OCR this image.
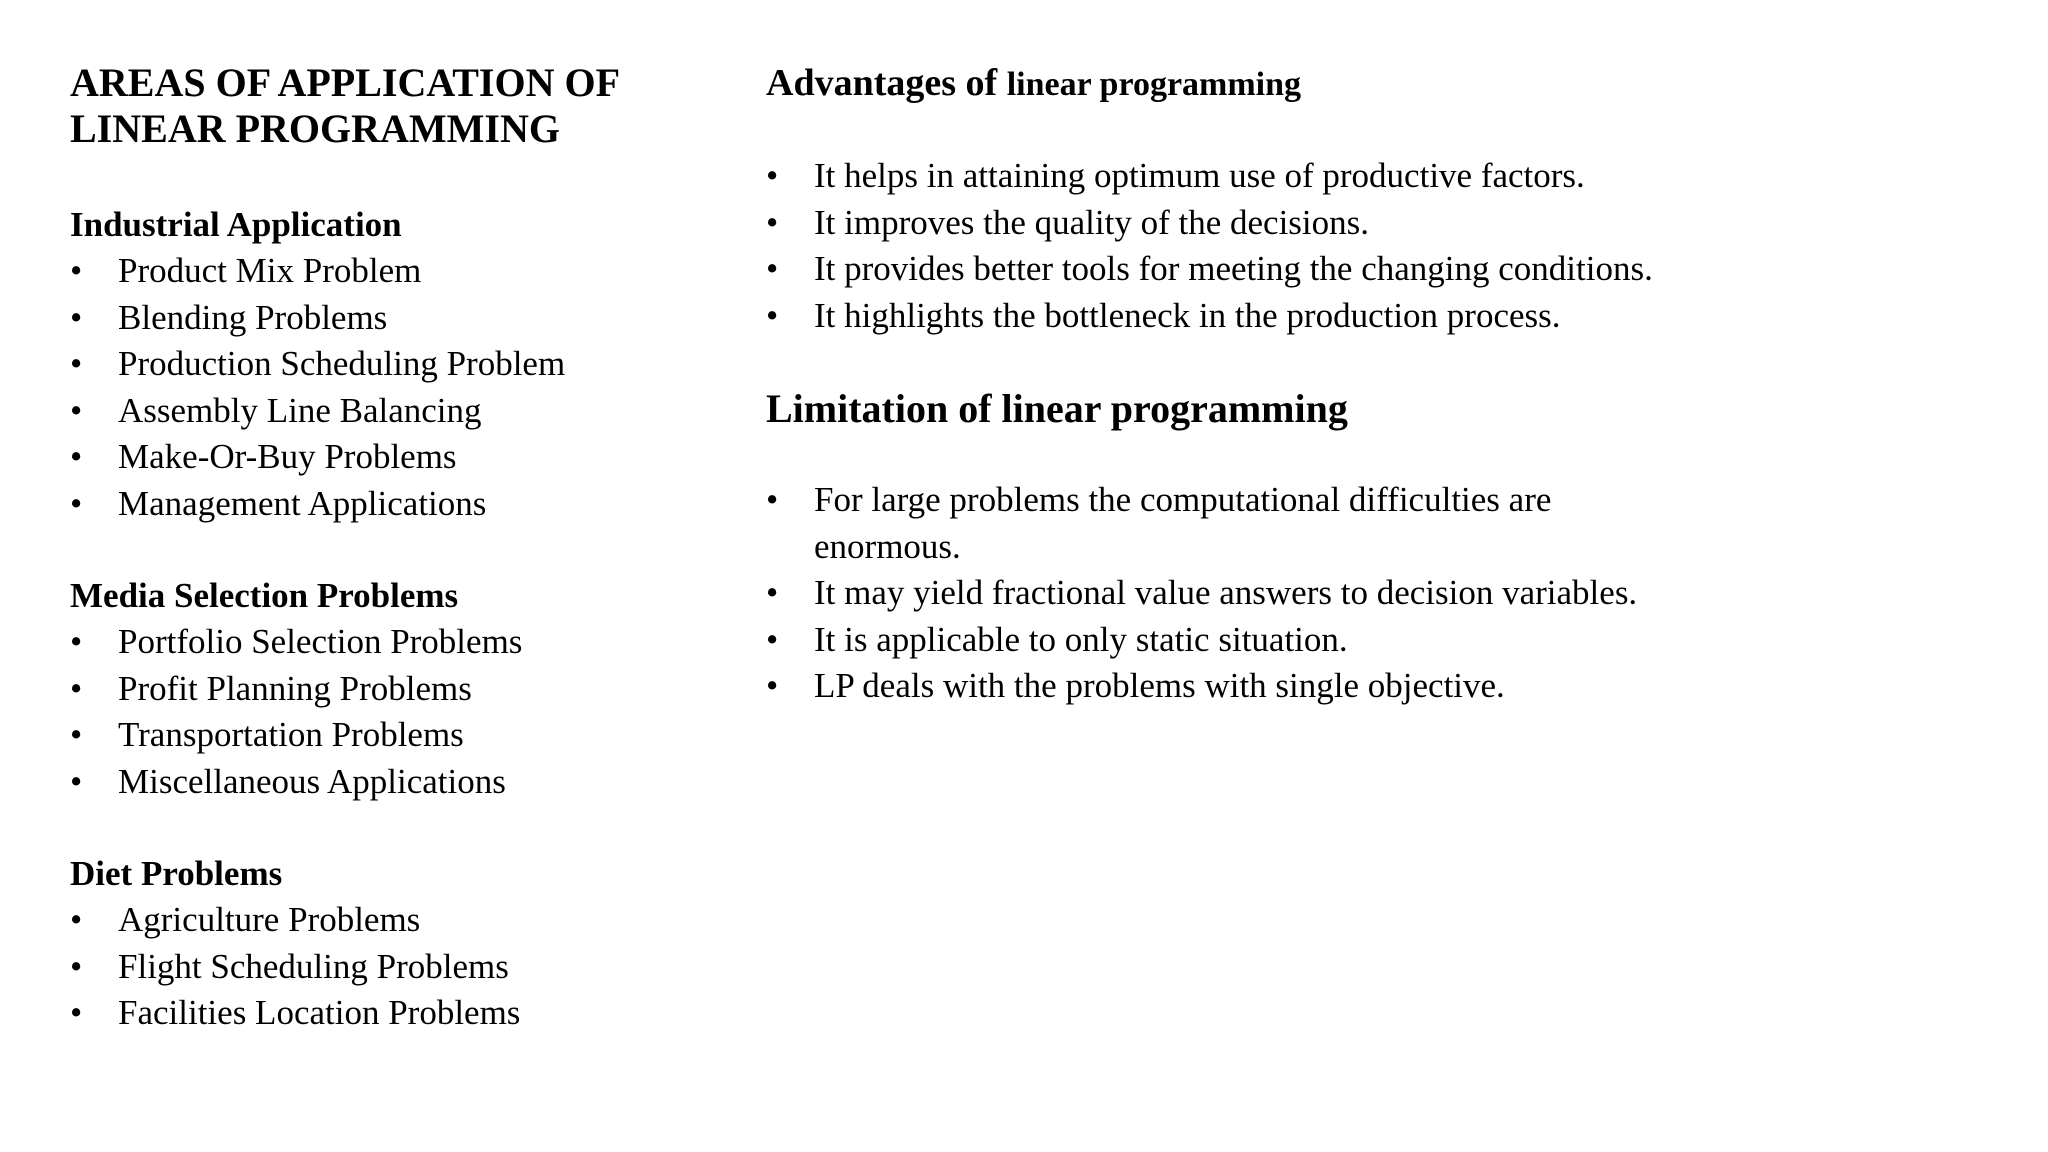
AREAS OF APPLICATION OF
LINEAR PROGRAMMING
Industrial Application
•	Product Mix Problem
•	Blending Problems
•	Production Scheduling Problem
•	Assembly Line Balancing
•	Make-Or-Buy Problems
•	Management Applications
Media Selection Problems
•	Portfolio Selection Problems
•	Profit Planning Problems
•	Transportation Problems
•	Miscellaneous Applications
Diet Problems
•	Agriculture Problems
•	Flight Scheduling Problems
•	Facilities Location Problems
Advantages of linear programming
•	It helps in attaining optimum use of productive factors.
•	It improves the quality of the decisions.
•	It provides better tools for meeting the changing conditions.
•	It highlights the bottleneck in the production process.
Limitation of linear programming
•	For large problems the computational difficulties are enormous.
•	It may yield fractional value answers to decision variables.
•	It is applicable to only static situation.
•	LP deals with the problems with single objective.
